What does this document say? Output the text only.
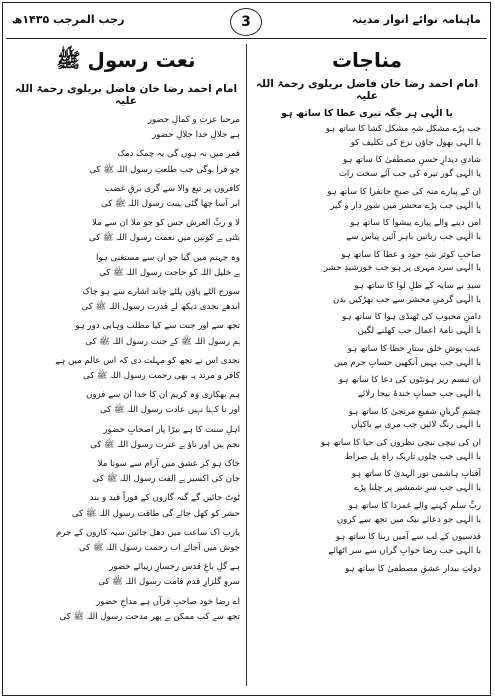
ماہنامہ نوائے انوار مدینہ
3
رجب المرجب ۱۴۳۵ھ
مناجات
امام احمد رضا خان فاضل بریلوی رحمۃ اللہ علیہ
یا الٰہی ہر جگہ تیری عطا کا ساتھ ہو
جب پڑے مشکل شہِ مشکل کشا کا ساتھ ہو
یا الٰہی بھول جاؤں نزع کی تکلیف کو
شادیِ دیدارِ حسنِ مصطفیٰ کا ساتھ ہو
یا الٰہی گور تیرہ کی جب آئے سخت رات
ان کے پیارے منہ کی صبحِ جانفزا کا ساتھ ہو
یا الٰہی جب پڑے محشر میں شورِ دار و گیر
امن دینے والے پیارے پیشوا کا ساتھ ہو
یا الٰہی جب زبانیں باہر آئیں پیاس سے
صاحبِ کوثر شہِ جود و عطا کا ساتھ ہو
یا الٰہی سرد مہری پر ہو جب خورشیدِ حشر
سیدِ بے سایہ کے ظلِ لوا کا ساتھ ہو
یا الٰہی گرمیِ محشر سے جب بھڑکیں بدن
دامنِ محبوب کی ٹھنڈی ہوا کا ساتھ ہو
یا الٰہی نامۂ اعمال جب کھلنے لگیں
عیب پوشِ خلق ستارِ خطا کا ساتھ ہو
یا الٰہی جب بہیں آنکھیں حسابِ جرم میں
ان تبسم ریز ہونٹوں کی دعا کا ساتھ ہو
یا الٰہی جب حسابِ خندۂ بیجا رلائے
چشمِ گریانِ شفیعِ مرتجیٰ کا ساتھ ہو
یا الٰہی رنگ لائیں جب مری بے باکیاں
ان کی نیچی نیچی نظروں کی حیا کا ساتھ ہو
یا الٰہی جب چلوں تاریک راہِ پل صراط
آفتابِ ہاشمی نور الہدیٰ کا ساتھ ہو
یا الٰہی جب سرِ شمشیر پر چلنا پڑے
ربِّ سلم کہنے والے غمزدا کا ساتھ ہو
یا الٰہی جو دعائے نیک میں تجھ سے کروں
قدسیوں کے لب سے آمیں ربنا کا ساتھ ہو
یا الٰہی جب رضا خوابِ گراں سے سر اٹھائے
دولتِ بیدار عشقِ مصطفیٰ کا ساتھ ہو
نعت رسول ﷺ
امام احمد رضا خان فاضل بریلوی رحمۃ اللہ علیہ
مرحبا عزت و کمالِ حضور
ہے جلالِ خدا جلالِ حضور
قمر میں نہ ہوں گی یہ چمک دمک
جو قرا ہوگی جب طلعتِ رسول اللہ ﷺ کی
کافروں پر تیغ والا سے گری برقِ غضب
ابر آسا چھا گئی ہیبت رسول اللہ ﷺ کی
لا و ربِّ العرش جس کو جو ملا ان سے ملا
بٹتی ہے کونین میں نعمت رسول اللہ ﷺ کی
وہ جہنم میں گیا جو ان سے مستغنی ہوا
ہے خلیل اللہ کو حاجت رسول اللہ ﷺ کی
سورج الٹے پاؤں پلٹے چاند اشارے سے ہو چاک
اندھے نجدی دیکھ لے قدرت رسول اللہ ﷺ کی
تجھ سے اور جنت سے کیا مطلب وہابی دور ہو
ہم رسول اللہ ﷺ کے جنت رسول اللہ ﷺ کی
نجدی اس نے تجھ کو مہلت دی کہ اس عالم میں ہے
کافر و مرتد پہ بھی رحمت رسول اللہ ﷺ کی
ہم بھکاری وہ کریم ان کا خدا ان سے فزوں
اور نا کہنا نہیں عادت رسول اللہ ﷺ کی
اہلِ سنت کا ہے بیڑا پار اصحابِ حضور
نجم ہیں اور ناؤ ہے عترت رسول اللہ ﷺ کی
خاک ہو کر عشق میں آرام سے سونا ملا
جان کی اکسیر ہے الفت رسول اللہ ﷺ کی
ٹوٹ جائیں گے گنہ گاروں کے فوراً قید و بند
حشر کو کھل جائے گی طاقت رسول اللہ ﷺ کی
یارب اک ساعت میں دھل جائیں سیہ کاروں کے جرم
جوش میں آجائے اب رحمت رسول اللہ ﷺ کی
ہے گلِ باغِ قدس رخسارِ زیبائے حضور
سروِ گلزارِ قدم قامت رسول اللہ ﷺ کی
اے رضا خود صاحبِ قرآں ہے مداحِ حضور
تجھ سے کب ممکن ہے پھر مدحت رسول اللہ ﷺ کی
